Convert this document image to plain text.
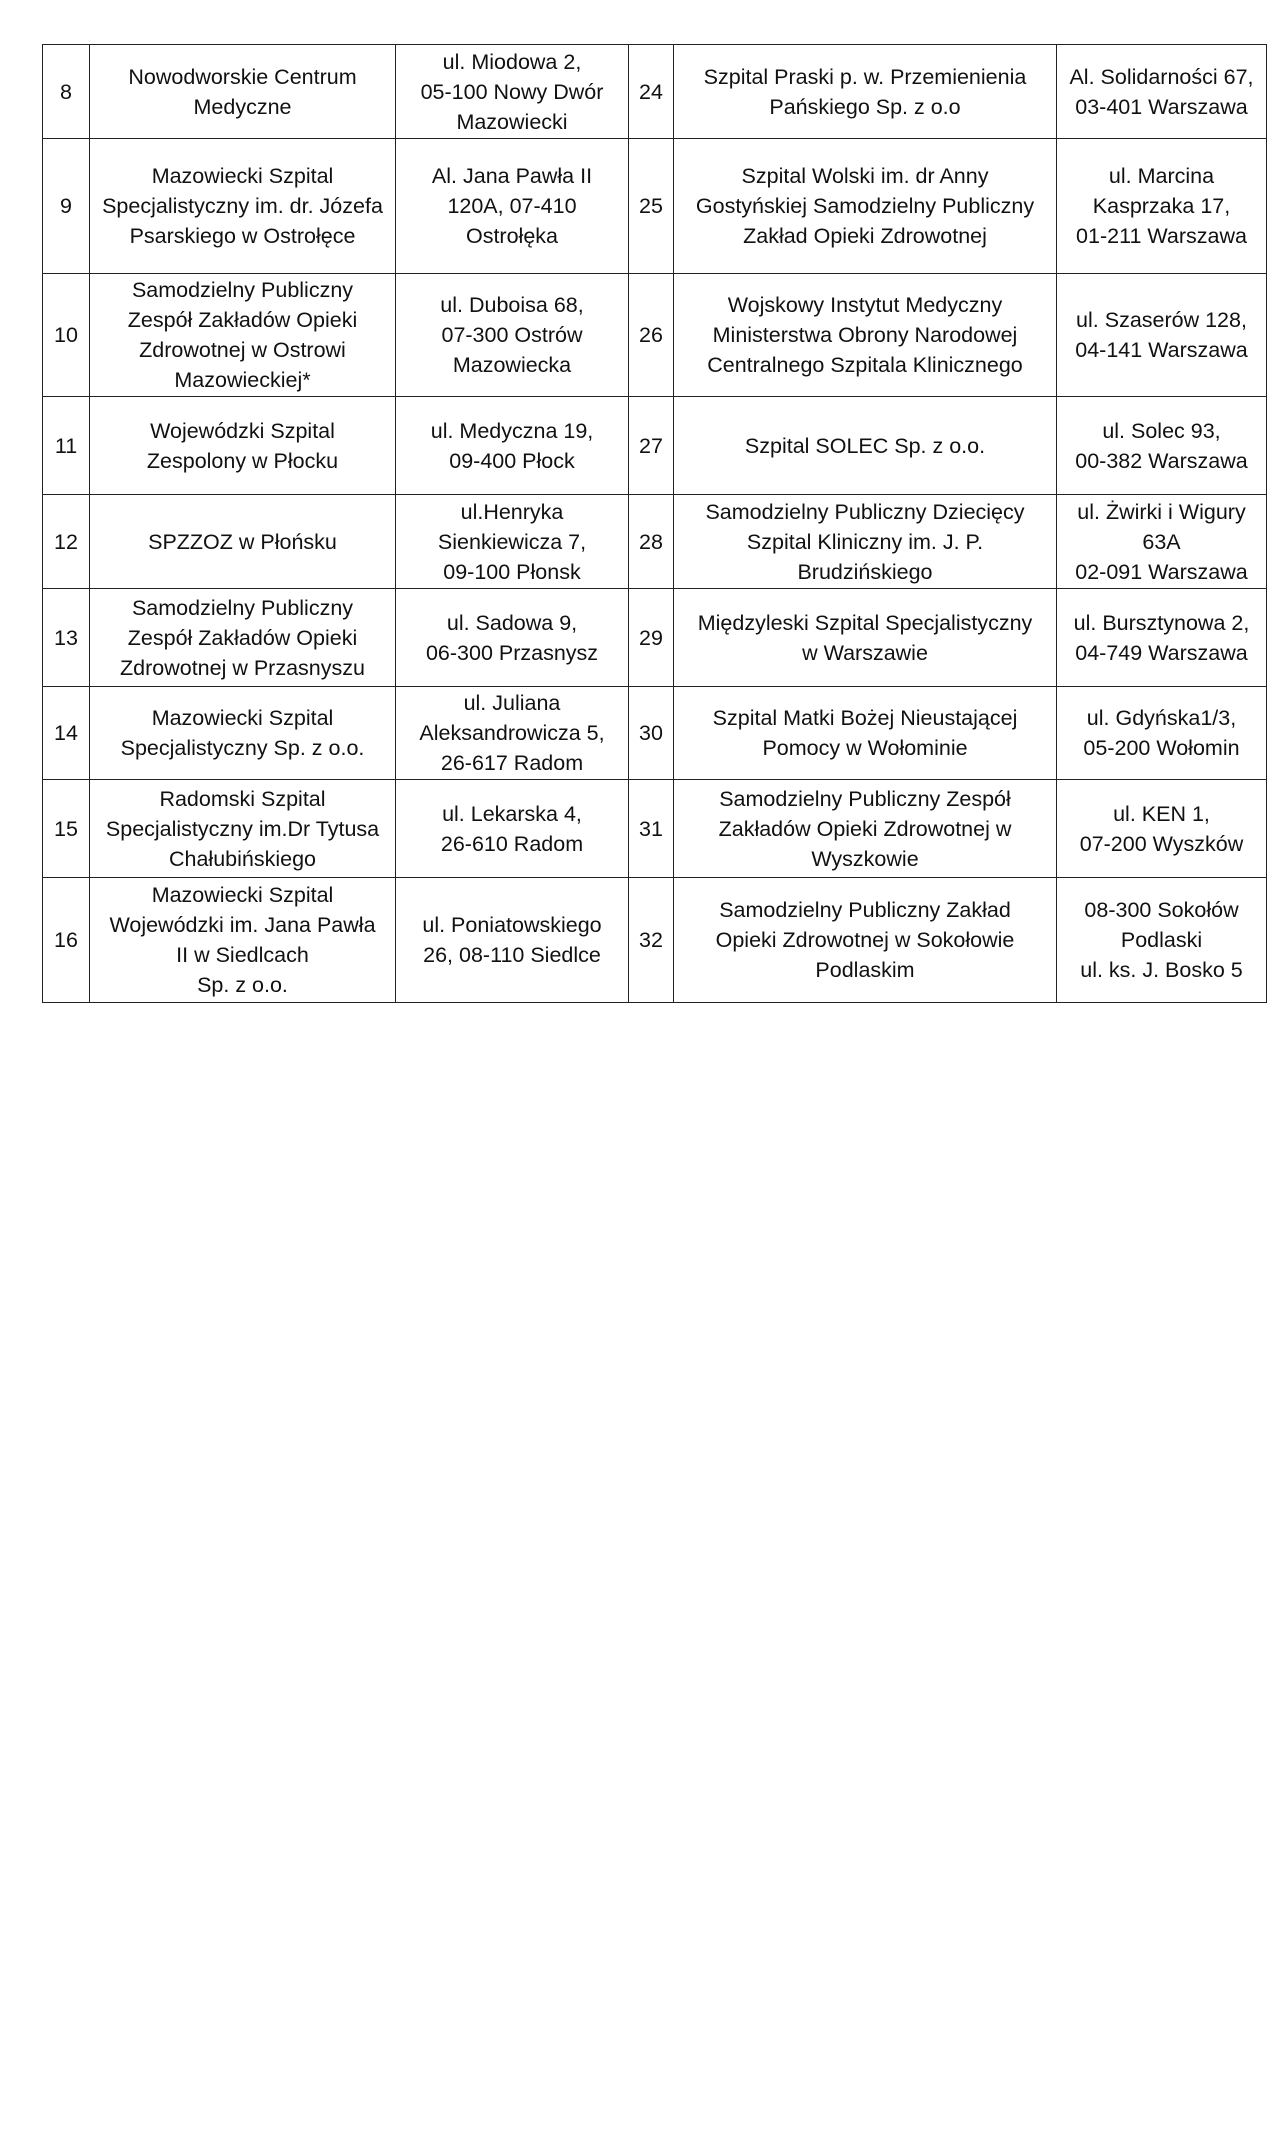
8	Nowodworskie Centrum
Medyczne	ul. Miodowa 2,
05-100 Nowy Dwór
Mazowiecki	24	Szpital Praski p. w. Przemienienia
Pańskiego Sp. z o.o	Al. Solidarności 67,
03-401 Warszawa
9	Mazowiecki Szpital
Specjalistyczny im. dr. Józefa
Psarskiego w Ostrołęce	Al. Jana Pawła II
120A, 07-410
Ostrołęka	25	Szpital Wolski im. dr Anny
Gostyńskiej Samodzielny Publiczny
Zakład Opieki Zdrowotnej	ul. Marcina
Kasprzaka 17,
01-211 Warszawa
10	Samodzielny Publiczny
Zespół Zakładów Opieki
Zdrowotnej w Ostrowi
Mazowieckiej*	ul. Duboisa 68,
07-300 Ostrów
Mazowiecka	26	Wojskowy Instytut Medyczny
Ministerstwa Obrony Narodowej
Centralnego Szpitala Klinicznego	ul. Szaserów 128,
04-141 Warszawa
11	Wojewódzki Szpital
Zespolony w Płocku	ul. Medyczna 19,
09-400 Płock	27	Szpital SOLEC Sp. z o.o.	ul. Solec 93,
00-382 Warszawa
12	SPZZOZ w Płońsku	ul.Henryka
Sienkiewicza 7,
09-100 Płonsk	28	Samodzielny Publiczny Dziecięcy
Szpital Kliniczny im. J. P.
Brudzińskiego	ul. Żwirki i Wigury
63A
02-091 Warszawa
13	Samodzielny Publiczny
Zespół Zakładów Opieki
Zdrowotnej w Przasnyszu	ul. Sadowa 9,
06-300 Przasnysz	29	Międzyleski Szpital Specjalistyczny
w Warszawie	ul. Bursztynowa 2,
04-749 Warszawa
14	Mazowiecki Szpital
Specjalistyczny Sp. z o.o.	ul. Juliana
Aleksandrowicza 5,
26-617 Radom	30	Szpital Matki Bożej Nieustającej
Pomocy w Wołominie	ul. Gdyńska1/3,
05-200 Wołomin
15	Radomski Szpital
Specjalistyczny im.Dr Tytusa
Chałubińskiego	ul. Lekarska 4,
26-610 Radom	31	Samodzielny Publiczny Zespół
Zakładów Opieki Zdrowotnej w
Wyszkowie	ul. KEN 1,
07-200 Wyszków
16	Mazowiecki Szpital
Wojewódzki im. Jana Pawła
II w Siedlcach
Sp. z o.o.	ul. Poniatowskiego
26, 08-110 Siedlce	32	Samodzielny Publiczny Zakład
Opieki Zdrowotnej w Sokołowie
Podlaskim	08-300 Sokołów
Podlaski
ul. ks. J. Bosko 5
